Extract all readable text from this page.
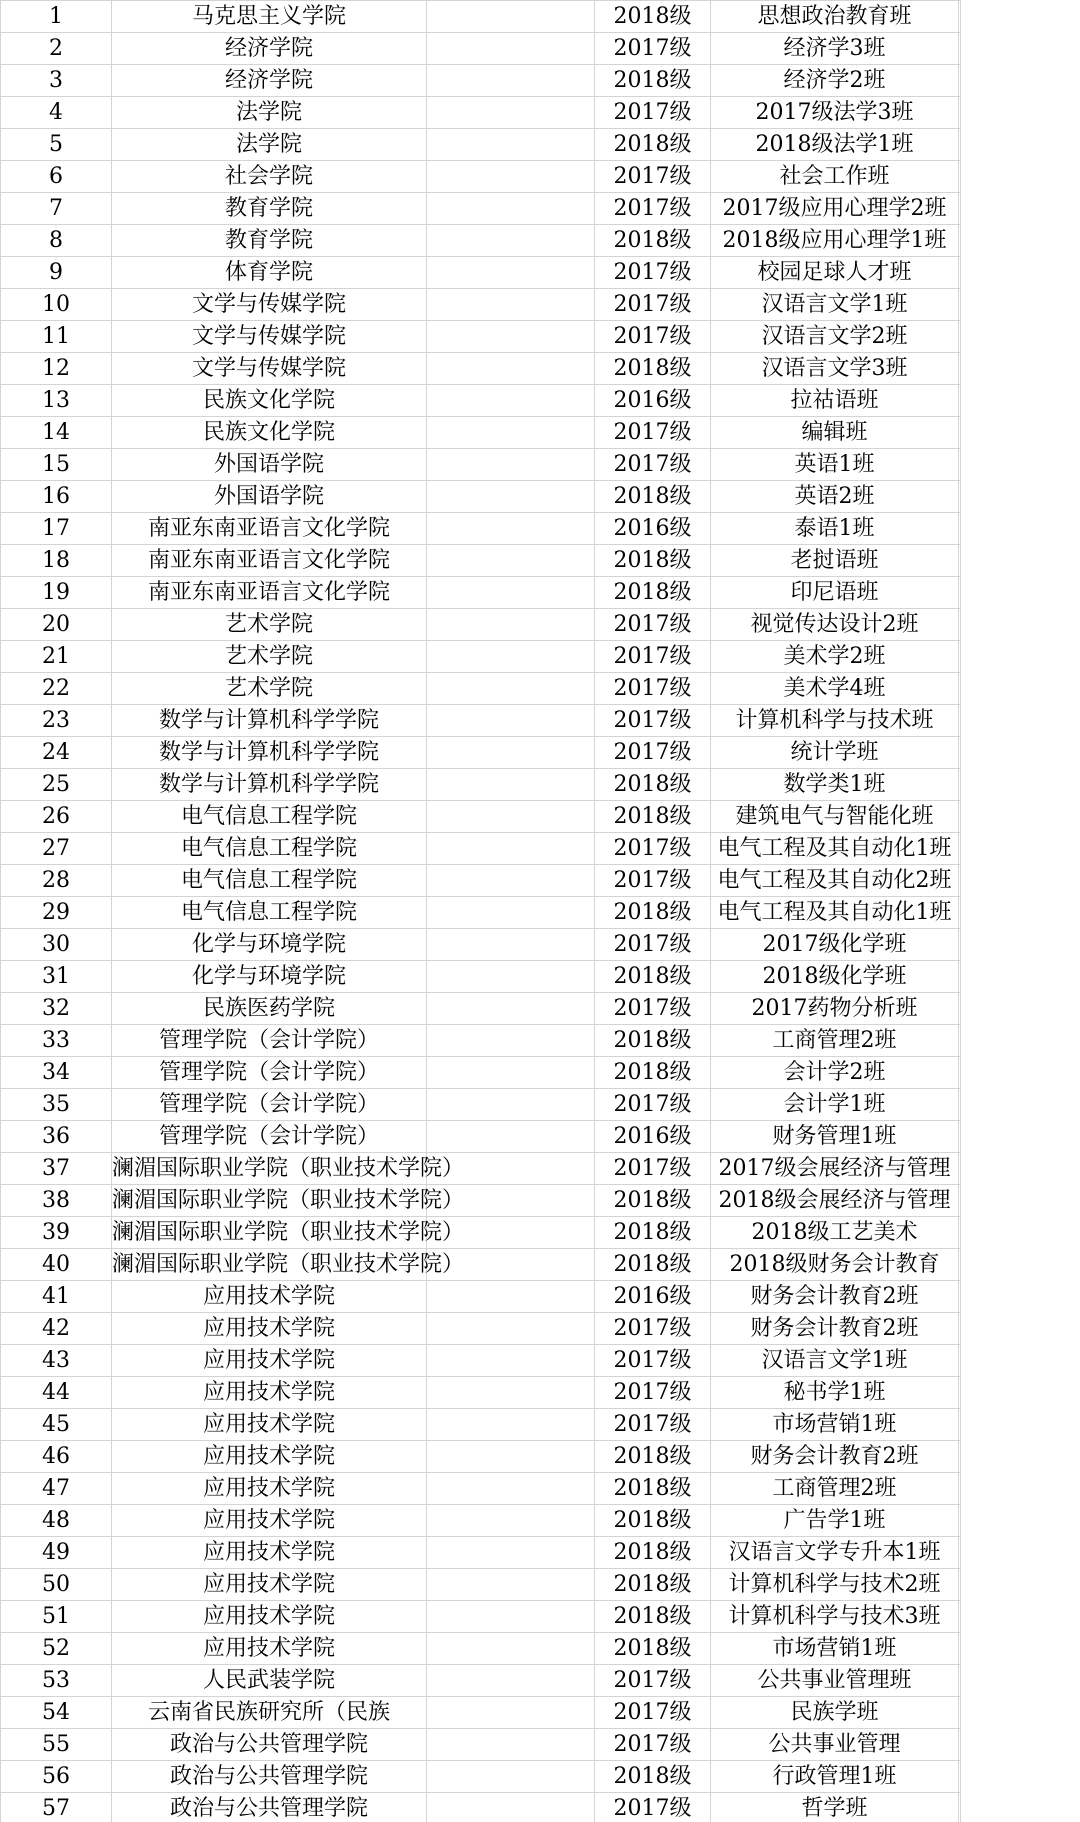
1	马克思主义学院		2018级	思想政治教育班	
2	经济学院		2017级	经济学3班	
3	经济学院		2018级	经济学2班	
4	法学院		2017级	2017级法学3班	
5	法学院		2018级	2018级法学1班	
6	社会学院		2017级	社会工作班	
7	教育学院		2017级	2017级应用心理学2班	
8	教育学院		2018级	2018级应用心理学1班	
9	体育学院		2017级	校园足球人才班	
10	文学与传媒学院		2017级	汉语言文学1班	
11	文学与传媒学院		2017级	汉语言文学2班	
12	文学与传媒学院		2018级	汉语言文学3班	
13	民族文化学院		2016级	拉祜语班	
14	民族文化学院		2017级	编辑班	
15	外国语学院		2017级	英语1班	
16	外国语学院		2018级	英语2班	
17	南亚东南亚语言文化学院		2016级	泰语1班	
18	南亚东南亚语言文化学院		2018级	老挝语班	
19	南亚东南亚语言文化学院		2018级	印尼语班	
20	艺术学院		2017级	视觉传达设计2班	
21	艺术学院		2017级	美术学2班	
22	艺术学院		2017级	美术学4班	
23	数学与计算机科学学院		2017级	计算机科学与技术班	
24	数学与计算机科学学院		2017级	统计学班	
25	数学与计算机科学学院		2018级	数学类1班	
26	电气信息工程学院		2018级	建筑电气与智能化班	
27	电气信息工程学院		2017级	电气工程及其自动化1班	
28	电气信息工程学院		2017级	电气工程及其自动化2班	
29	电气信息工程学院		2018级	电气工程及其自动化1班	
30	化学与环境学院		2017级	2017级化学班	
31	化学与环境学院		2018级	2018级化学班	
32	民族医药学院		2017级	2017药物分析班	
33	管理学院（会计学院）		2018级	工商管理2班	
34	管理学院（会计学院）		2018级	会计学2班	
35	管理学院（会计学院）		2017级	会计学1班	
36	管理学院（会计学院）		2016级	财务管理1班	
37	澜湄国际职业学院（职业技术学院）		2017级	2017级会展经济与管理	
38	澜湄国际职业学院（职业技术学院）		2018级	2018级会展经济与管理	
39	澜湄国际职业学院（职业技术学院）		2018级	2018级工艺美术	
40	澜湄国际职业学院（职业技术学院）		2018级	2018级财务会计教育	
41	应用技术学院		2016级	财务会计教育2班	
42	应用技术学院		2017级	财务会计教育2班	
43	应用技术学院		2017级	汉语言文学1班	
44	应用技术学院		2017级	秘书学1班	
45	应用技术学院		2017级	市场营销1班	
46	应用技术学院		2018级	财务会计教育2班	
47	应用技术学院		2018级	工商管理2班	
48	应用技术学院		2018级	广告学1班	
49	应用技术学院		2018级	汉语言文学专升本1班	
50	应用技术学院		2018级	计算机科学与技术2班	
51	应用技术学院		2018级	计算机科学与技术3班	
52	应用技术学院		2018级	市场营销1班	
53	人民武装学院		2017级	公共事业管理班	
54	云南省民族研究所（民族		2017级	民族学班	
55	政治与公共管理学院		2017级	公共事业管理	
56	政治与公共管理学院		2018级	行政管理1班	
57	政治与公共管理学院		2017级	哲学班	
